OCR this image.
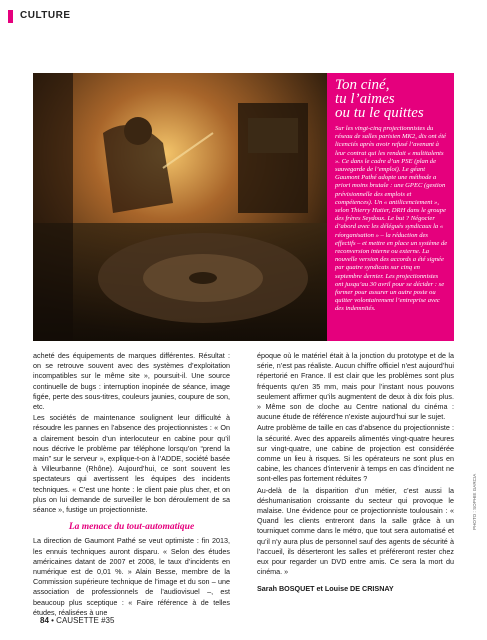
CULTURE
Ton ciné,
tu l’aimes
ou tu le quittes

Sur les vingt-cinq projectionnistes du réseau de salles parisien MK2, dix ont été licenciés après avoir refusé l’avenant à leur contrat qui les rendait « multitalents ». Ce dans le cadre d’un PSE (plan de sauvegarde de l’emploi). Le géant Gaumont Pathé adopte une méthode a priori moins brutale : une GPEC (gestion prévisionnelle des emplois et compétences). Un « antilicenciement », selon Thierry Hatier, DRH dans le groupe des frères Seydoux. Le but ? Négocier d’abord avec les délégués syndicaux la « réorganisation » – la réduction des effectifs – et mettre en place un système de reconversion interne ou externe. La nouvelle version des accords a été signée par quatre syndicats sur cinq en septembre dernier. Les projectionnistes ont jusqu’au 30 avril pour se décider : se former pour assurer un autre poste ou quitter volontairement l’entreprise avec des indemnités.

acheté des équipements de marques différentes. Résultat : on se retrouve souvent avec des systèmes d’exploitation incompatibles sur le même site », poursuit-il. Une source continuelle de bugs : interruption inopinée de séance, image figée, perte des sous-titres, couleurs jaunies, coupure de son, etc.

Les sociétés de maintenance soulignent leur difficulté à résoudre les pannes en l’absence des projectionnistes : « On a clairement besoin d’un interlocuteur en cabine pour qu’il nous décrive le problème par téléphone lorsqu’on “prend la main” sur le serveur », explique-t-on à l’ADDE, société basée à Villeurbanne (Rhône). Aujourd’hui, ce sont souvent les spectateurs qui avertissent les équipes des incidents techniques. « C’est une honte : le client paie plus cher, et on plus on lui demande de surveiller le bon déroulement de sa séance », fustige un projectionniste.

La menace du tout-automatique

La direction de Gaumont Pathé se veut optimiste : fin 2013, les ennuis techniques auront disparu. « Selon des études américaines datant de 2007 et 2008, le taux d’incidents en numérique est de 0,01 %. » Alain Besse, membre de la Commission supérieure technique de l’image et du son – une association de professionnels de l’audiovisuel –, est beaucoup plus sceptique : « Faire référence à de telles études, réalisées à une

époque où le matériel était à la jonction du prototype et de la série, n’est pas réaliste. Aucun chiffre officiel n’est aujourd’hui répertorié en France. Il est clair que les problèmes sont plus fréquents qu’en 35 mm, mais pour l’instant nous pouvons seulement affirmer qu’ils augmentent de deux à dix fois plus. » Même son de cloche au Centre national du cinéma : aucune étude de référence n’existe aujourd’hui sur le sujet.

Autre problème de taille en cas d’absence du projectionniste : la sécurité. Avec des appareils alimentés vingt-quatre heures sur vingt-quatre, une cabine de projection est considérée comme un lieu à risques. Si les opérateurs ne sont plus en cabine, les chances d’intervenir à temps en cas d’incident ne sont-elles pas fortement réduites ?

Au-delà de la disparition d’un métier, c’est aussi la déshumanisation croissante du secteur qui provoque le malaise. Une évidence pour ce projectionniste toulousain : « Quand les clients entreront dans la salle grâce à un tourniquet comme dans le métro, que tout sera automatisé et qu’il n’y aura plus de personnel sauf des agents de sécurité à l’accueil, ils déserteront les salles et préféreront rester chez eux pour regarder un DVD entre amis. Ce sera la mort du cinéma. »

Sarah BOSQUET et Louise DE CRISNAY

PHOTO : SOPHIE GARCIA
84 • CAUSETTE #35
